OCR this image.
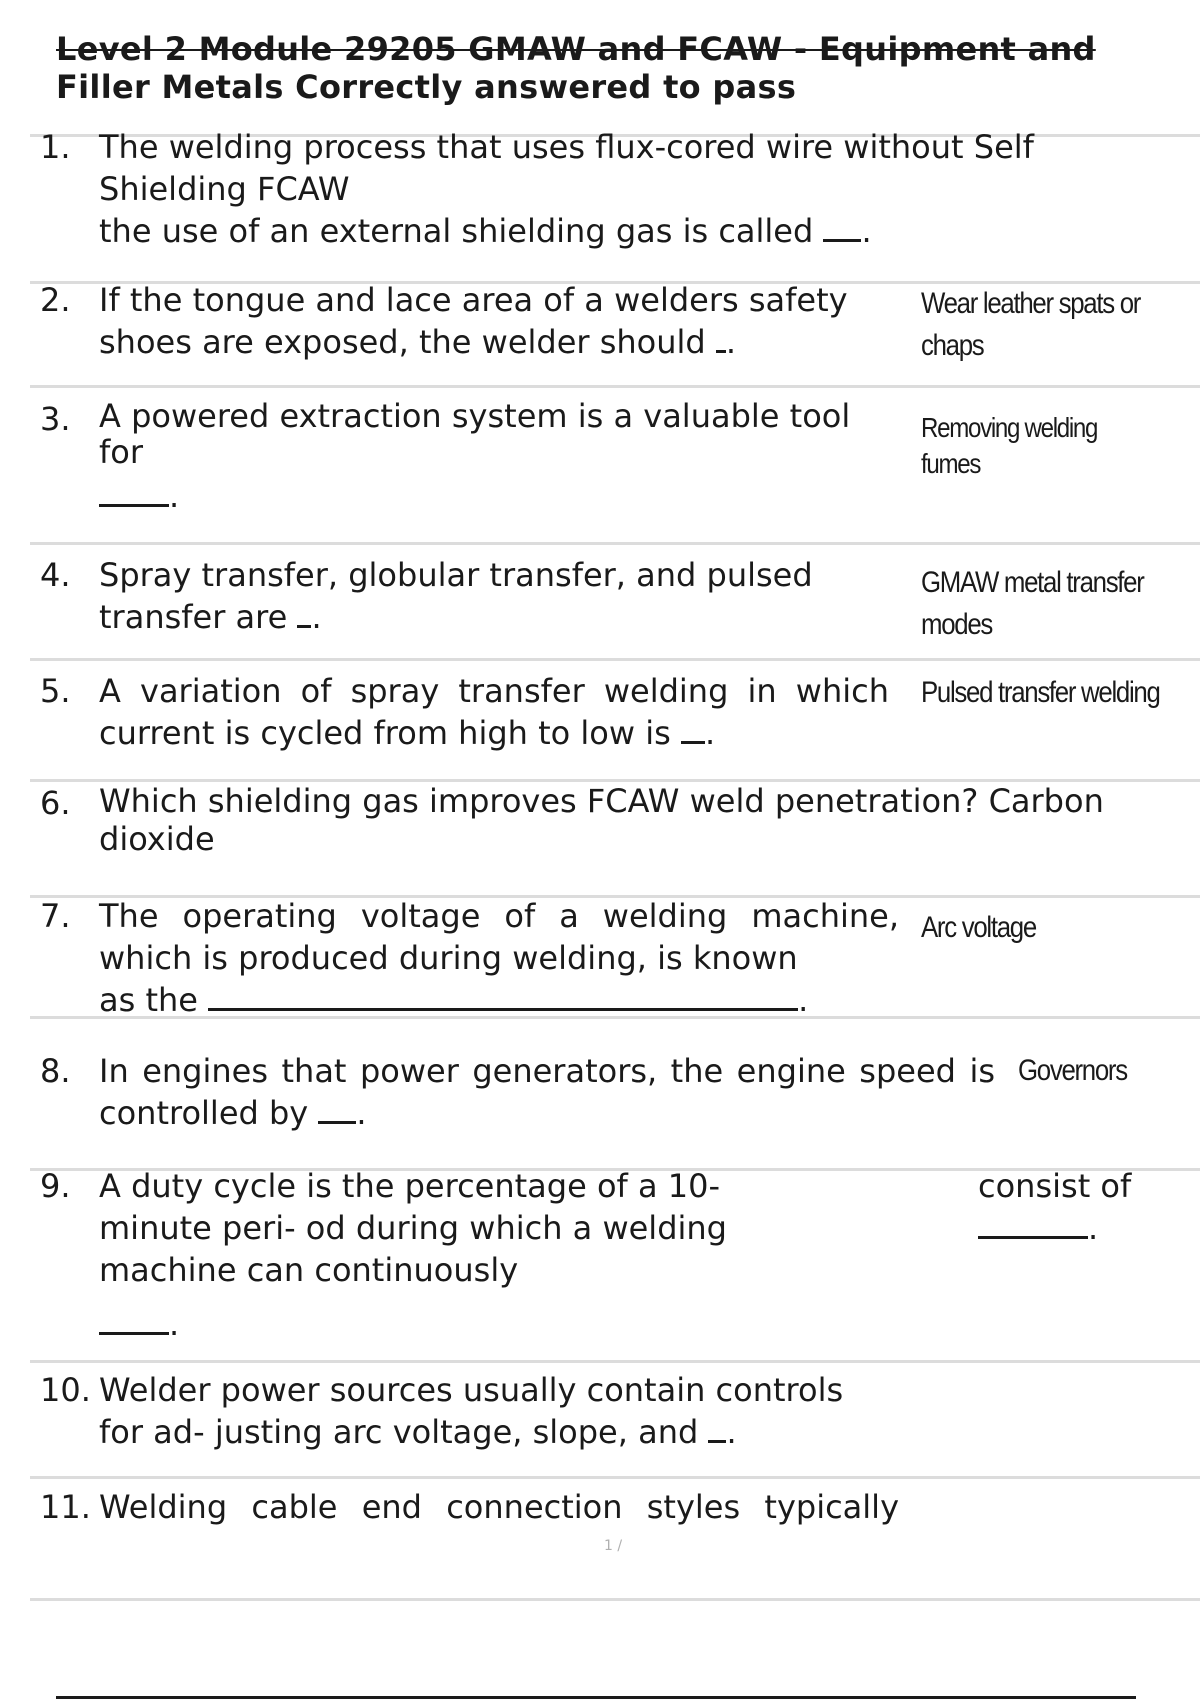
Level 2 Module 29205 GMAW and FCAW - Equipment and
Filler Metals Correctly answered to pass
1. The welding process that uses flux-cored wire without Self
Shielding FCAW
the use of an external shielding gas is called .
2. If the tongue and lace area of a welders safety
shoes are exposed, the welder should .
Wear leather spats or
chaps
3. A powered extraction system is a valuable tool
for
.
Removing welding
fumes
4. Spray transfer, globular transfer, and pulsed
transfer are .
GMAW metal transfer
modes
5. A variation of spray transfer welding in which
current is cycled from high to low is .
Pulsed transfer welding
6. Which shielding gas improves FCAW weld penetration? Carbon
dioxide
7. The operating voltage of a welding machine,
which is produced during welding, is known
as the	.
Arc voltage
8. In engines that power generators, the engine speed is
controlled by .
Governors
9. A duty cycle is the percentage of a 10-
minute peri- od during which a welding
machine can continuously
.
consist of
.
10. Welder power sources usually contain controls
for ad- justing arc voltage, slope, and .
11. Welding cable end connection styles typically
1 /
